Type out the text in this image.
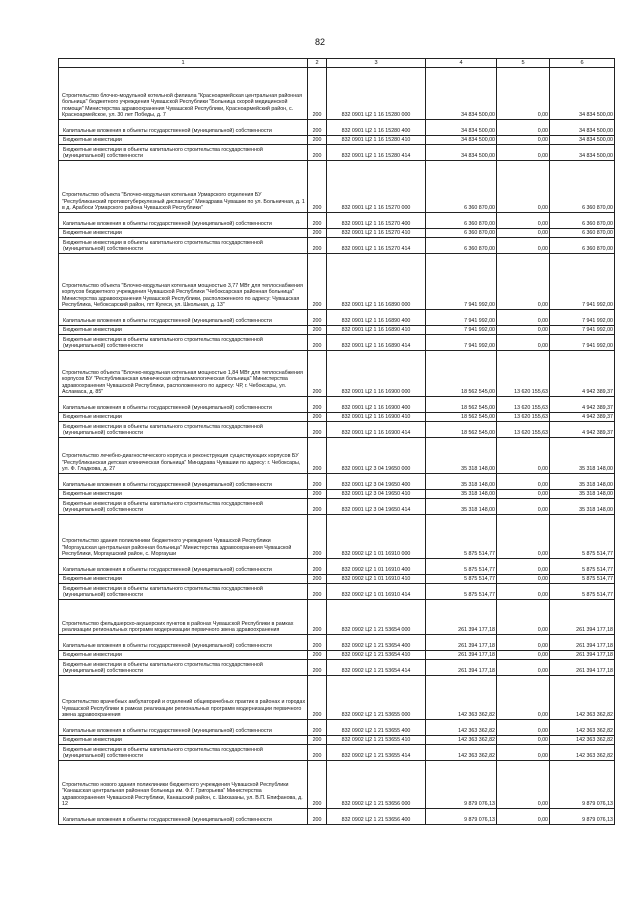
82
1	2	3	4	5	6

Строительство блочно-модульной котельной филиала "Красноармейская центральная районная больница" бюджетного учреждения Чувашской Республики "Больница скорой медицинской помощи" Министерства здравоохранения Чувашской Республики, Красноармейский район, с. Красноармейское, ул. 30 лет Победы, д. 7	200	832 0901 Ц2 1 16 15280 000	34 834 500,00	0,00	34 834 500,00

Капитальные вложения в объекты государственной (муниципальной) собственности	200	832 0901 Ц2 1 16 15280 400	34 834 500,00	0,00	34 834 500,00

Бюджетные инвестиции	200	832 0901 Ц2 1 16 15280 410	34 834 500,00	0,00	34 834 500,00

Бюджетные инвестиции в объекты капитального строительства государственной (муниципальной) собственности	200	832 0901 Ц2 1 16 15280 414	34 834 500,00	0,00	34 834 500,00

Строительство объекта "Блочно-модульная котельная Урмарского отделения БУ "Республиканский противотуберкулезный диспансер" Минздрава Чувашии по ул. Больничная, д. 1 в д. Арабоси Урмарского района Чувашской Республики"	200	832 0901 Ц2 1 16 15270 000	6 360 870,00	0,00	6 360 870,00

Капитальные вложения в объекты государственной (муниципальной) собственности	200	832 0901 Ц2 1 16 15270 400	6 360 870,00	0,00	6 360 870,00

Бюджетные инвестиции	200	832 0901 Ц2 1 16 15270 410	6 360 870,00	0,00	6 360 870,00

Бюджетные инвестиции в объекты капитального строительства государственной (муниципальной) собственности	200	832 0901 Ц2 1 16 15270 414	6 360 870,00	0,00	6 360 870,00

Строительство объекта "Блочно-модульная котельная мощностью 3,77 МВт для теплоснабжения корпусов бюджетного учреждения Чувашской Республики "Чебоксарская районная больница" Министерства здравоохранения Чувашской Республики, расположенного по адресу: Чувашская Республика, Чебоксарский район, пгт Кугеси, ул. Школьная, д. 13"	200	832 0901 Ц2 1 16 16890 000	7 941 992,00	0,00	7 941 992,00

Капитальные вложения в объекты государственной (муниципальной) собственности	200	832 0901 Ц2 1 16 16890 400	7 941 992,00	0,00	7 941 992,00

Бюджетные инвестиции	200	832 0901 Ц2 1 16 16890 410	7 941 992,00	0,00	7 941 992,00

Бюджетные инвестиции в объекты капитального строительства государственной (муниципальной) собственности	200	832 0901 Ц2 1 16 16890 414	7 941 992,00	0,00	7 941 992,00

Строительство объекта "Блочно-модульная котельная мощностью 1,84 МВт для теплоснабжения корпусов БУ "Республиканская клиническая офтальмологическая больница" Министерства здравоохранения Чувашской Республики, расположенного по адресу: ЧР, г. Чебоксары, ул. Асламаса, д. 85"	200	832 0901 Ц2 1 16 16900 000	18 562 545,00	13 620 155,63	4 942 389,37

Капитальные вложения в объекты государственной (муниципальной) собственности	200	832 0901 Ц2 1 16 16900 400	18 562 545,00	13 620 155,63	4 942 389,37

Бюджетные инвестиции	200	832 0901 Ц2 1 16 16900 410	18 562 545,00	13 620 155,63	4 942 389,37

Бюджетные инвестиции в объекты капитального строительства государственной (муниципальной) собственности	200	832 0901 Ц2 1 16 16900 414	18 562 545,00	13 620 155,63	4 942 389,37

Строительство лечебно-диагностического корпуса и реконструкция существующих корпусов БУ "Республиканская детская клиническая больница" Минздрава Чувашии по адресу: г. Чебоксары, ул. Ф. Гладкова, д. 27	200	832 0901 Ц2 3 04 19650 000	35 318 148,00	0,00	35 318 148,00

Капитальные вложения в объекты государственной (муниципальной) собственности	200	832 0901 Ц2 3 04 19650 400	35 318 148,00	0,00	35 318 148,00

Бюджетные инвестиции	200	832 0901 Ц2 3 04 19650 410	35 318 148,00	0,00	35 318 148,00

Бюджетные инвестиции в объекты капитального строительства государственной (муниципальной) собственности	200	832 0901 Ц2 3 04 19650 414	35 318 148,00	0,00	35 318 148,00

Строительство здания поликлиники бюджетного учреждения Чувашской Республики "Моргаушская центральная районная больница" Министерства здравоохранения Чувашской Республики, Моргаушский район, с. Моргауши	200	832 0902 Ц2 1 01 16910 000	5 875 514,77	0,00	5 875 514,77

Капитальные вложения в объекты государственной (муниципальной) собственности	200	832 0902 Ц2 1 01 16910 400	5 875 514,77	0,00	5 875 514,77

Бюджетные инвестиции	200	832 0902 Ц2 1 01 16910 410	5 875 514,77	0,00	5 875 514,77

Бюджетные инвестиции в объекты капитального строительства государственной (муниципальной) собственности	200	832 0902 Ц2 1 01 16910 414	5 875 514,77	0,00	5 875 514,77

Строительство фельдшерско-акушерских пунктов в районах Чувашской Республики в рамках реализации региональных программ модернизации первичного звена здравоохранения	200	832 0902 Ц2 1 21 53654 000	261 394 177,18	0,00	261 394 177,18

Капитальные вложения в объекты государственной (муниципальной) собственности	200	832 0902 Ц2 1 21 53654 400	261 394 177,18	0,00	261 394 177,18

Бюджетные инвестиции	200	832 0902 Ц2 1 21 53654 410	261 394 177,18	0,00	261 394 177,18

Бюджетные инвестиции в объекты капитального строительства государственной (муниципальной) собственности	200	832 0902 Ц2 1 21 53654 414	261 394 177,18	0,00	261 394 177,18

Строительство врачебных амбулаторий и отделений общеврачебных практик в районах и городах Чувашской Республики в рамках реализации региональных программ модернизации первичного звена здравоохранения	200	832 0902 Ц2 1 21 53655 000	142 363 362,82	0,00	142 363 362,82

Капитальные вложения в объекты государственной (муниципальной) собственности	200	832 0902 Ц2 1 21 53655 400	142 363 362,82	0,00	142 363 362,82

Бюджетные инвестиции	200	832 0902 Ц2 1 21 53655 410	142 363 362,82	0,00	142 363 362,82

Бюджетные инвестиции в объекты капитального строительства государственной (муниципальной) собственности	200	832 0902 Ц2 1 21 53655 414	142 363 362,82	0,00	142 363 362,82

Строительство нового здания поликлиники бюджетного учреждения Чувашской Республики "Канашская центральная районная больница им. Ф.Г. Григорьева" Министерства здравоохранения Чувашской Республики, Канашский район, с. Шихазаны, ул. В.П. Епифанова, д. 12	200	832 0902 Ц2 1 21 53656 000	9 879 076,13	0,00	9 879 076,13

Капитальные вложения в объекты государственной (муниципальной) собственности	200	832 0902 Ц2 1 21 53656 400	9 879 076,13	0,00	9 879 076,13
